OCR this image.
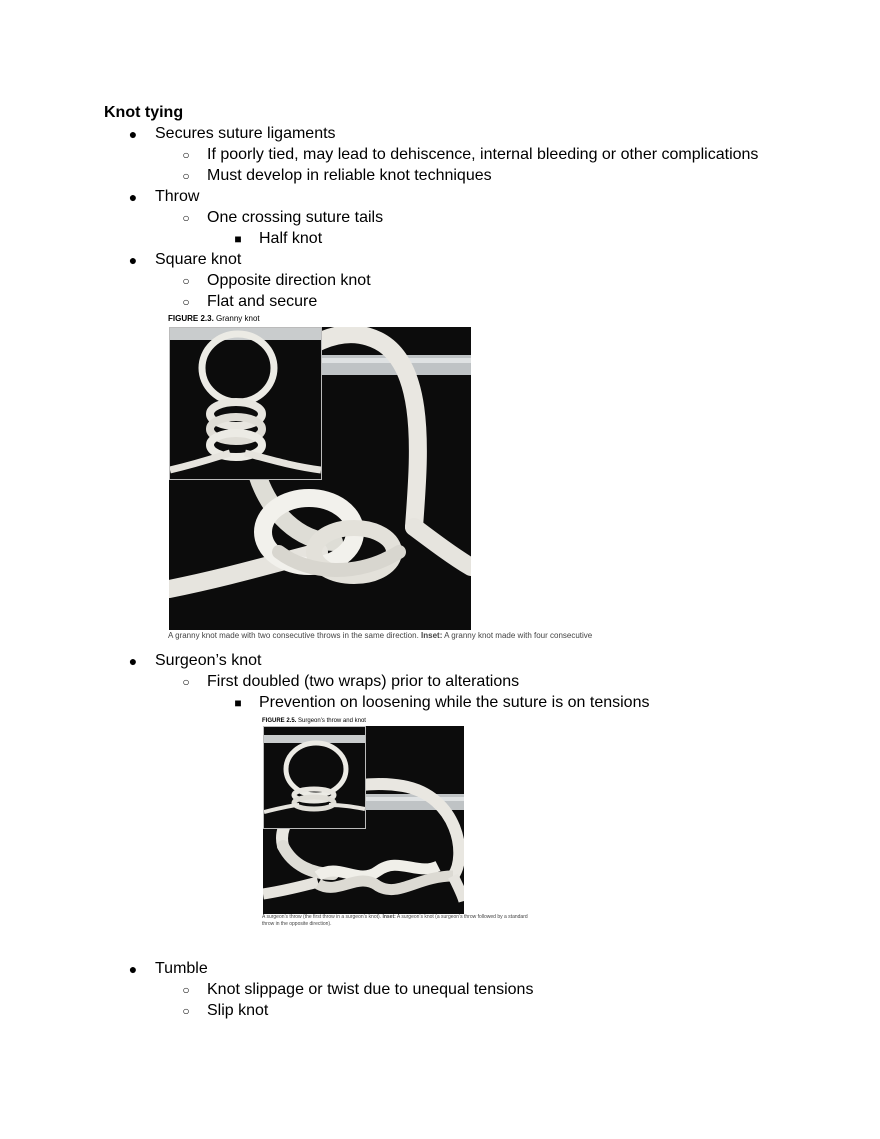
Knot tying
● Secures suture ligaments
○ If poorly tied, may lead to dehiscence, internal bleeding or other complications
○ Must develop in reliable knot techniques
● Throw
○ One crossing suture tails
■ Half knot
● Square knot
○ Opposite direction knot
○ Flat and secure
FIGURE 2.3. Granny knot
A granny knot made with two consecutive throws in the same direction. Inset: A granny knot made with four consecutive
● Surgeon’s knot
○ First doubled (two wraps) prior to alterations
■ Prevention on loosening while the suture is on tensions
FIGURE 2.5. Surgeon’s throw and knot
A surgeon’s throw (the first throw in a surgeon’s knot). Inset: A surgeon’s knot (a surgeon’s throw followed by a standard
throw in the opposite direction).
● Tumble
○ Knot slippage or twist due to unequal tensions
○ Slip knot
